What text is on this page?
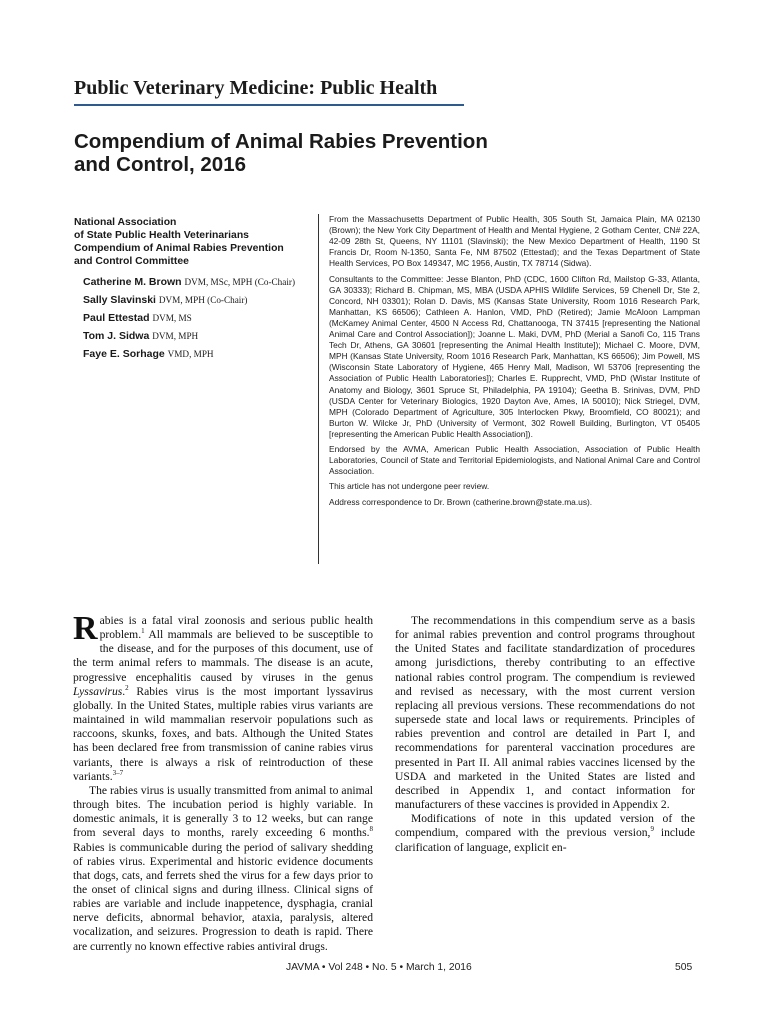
Public Veterinary Medicine: Public Health
Compendium of Animal Rabies Prevention
and Control, 2016
National Association
of State Public Health Veterinarians
Compendium of Animal Rabies Prevention
and Control Committee
Catherine M. Brown DVM, MSc, MPH (Co-Chair)
Sally Slavinski DVM, MPH (Co-Chair)
Paul Ettestad DVM, MS
Tom J. Sidwa DVM, MPH
Faye E. Sorhage VMD, MPH

From the Massachusetts Department of Public Health, 305 South St, Jamaica Plain, MA 02130 (Brown); the New York City Department of Health and Mental Hygiene, 2 Gotham Center, CN# 22A, 42-09 28th St, Queens, NY 11101 (Slavinski); the New Mexico Department of Health, 1190 St Francis Dr, Room N-1350, Santa Fe, NM 87502 (Ettestad); and the Texas Department of State Health Services, PO Box 149347, MC 1956, Austin, TX 78714 (Sidwa).

Consultants to the Committee: Jesse Blanton, PhD (CDC, 1600 Clifton Rd, Mailstop G-33, Atlanta, GA 30333); Richard B. Chipman, MS, MBA (USDA APHIS Wildlife Services, 59 Chenell Dr, Ste 2, Concord, NH 03301); Rolan D. Davis, MS (Kansas State University, Room 1016 Research Park, Manhattan, KS 66506); Cathleen A. Hanlon, VMD, PhD (Retired); Jamie McAloon Lampman (McKamey Animal Center, 4500 N Access Rd, Chattanooga, TN 37415 [representing the National Animal Care and Control Association]); Joanne L. Maki, DVM, PhD (Merial a Sanofi Co, 115 Trans Tech Dr, Athens, GA 30601 [representing the Animal Health Institute]); Michael C. Moore, DVM, MPH (Kansas State University, Room 1016 Research Park, Manhattan, KS 66506); Jim Powell, MS (Wisconsin State Laboratory of Hygiene, 465 Henry Mall, Madison, WI 53706 [representing the Association of Public Health Laboratories]); Charles E. Rupprecht, VMD, PhD (Wistar Institute of Anatomy and Biology, 3601 Spruce St, Philadelphia, PA 19104); Geetha B. Srinivas, DVM, PhD (USDA Center for Veterinary Biologics, 1920 Dayton Ave, Ames, IA 50010); Nick Striegel, DVM, MPH (Colorado Department of Agriculture, 305 Interlocken Pkwy, Broomfield, CO 80021); and Burton W. Wilcke Jr, PhD (University of Vermont, 302 Rowell Building, Burlington, VT 05405 [representing the American Public Health Association]).

Endorsed by the AVMA, American Public Health Association, Association of Public Health Laboratories, Council of State and Territorial Epidemiologists, and National Animal Care and Control Association.

This article has not undergone peer review.

Address correspondence to Dr. Brown (catherine.brown@state.ma.us).

Rabies is a fatal viral zoonosis and serious public health problem.$^1$ All mammals are believed to be susceptible to the disease, and for the purposes of this document, use of the term animal refers to mammals. The disease is an acute, progressive encephalitis caused by viruses in the genus Lyssavirus.$^2$ Rabies virus is the most important lyssavirus globally. In the United States, multiple rabies virus variants are maintained in wild mammalian reservoir populations such as raccoons, skunks, foxes, and bats. Although the United States has been declared free from transmission of canine rabies virus variants, there is always a risk of reintroduction of these variants.$^{3-7}$

The rabies virus is usually transmitted from animal to animal through bites. The incubation period is highly variable. In domestic animals, it is generally 3 to 12 weeks, but can range from several days to months, rarely exceeding 6 months.$^8$ Rabies is communicable during the period of salivary shedding of rabies virus. Experimental and historic evidence documents that dogs, cats, and ferrets shed the virus for a few days prior to the onset of clinical signs and during illness. Clinical signs of rabies are variable and include inappetence, dysphagia, cranial nerve deficits, abnormal behavior, ataxia, paralysis, altered vocalization, and seizures. Progression to death is rapid. There are currently no known effective rabies antiviral drugs.

The recommendations in this compendium serve as a basis for animal rabies prevention and control programs throughout the United States and facilitate standardization of procedures among jurisdictions, thereby contributing to an effective national rabies control program. The compendium is reviewed and revised as necessary, with the most current version replacing all previous versions. These recommendations do not supersede state and local laws or requirements. Principles of rabies prevention and control are detailed in Part I, and recommendations for parenteral vaccination procedures are presented in Part II. All animal rabies vaccines licensed by the USDA and marketed in the United States are listed and described in Appendix 1, and contact information for manufacturers of these vaccines is provided in Appendix 2.

Modifications of note in this updated version of the compendium, compared with the previous version,$^9$ include clarification of language, explicit en-

JAVMA • Vol 248 • No. 5 • March 1, 2016	505
